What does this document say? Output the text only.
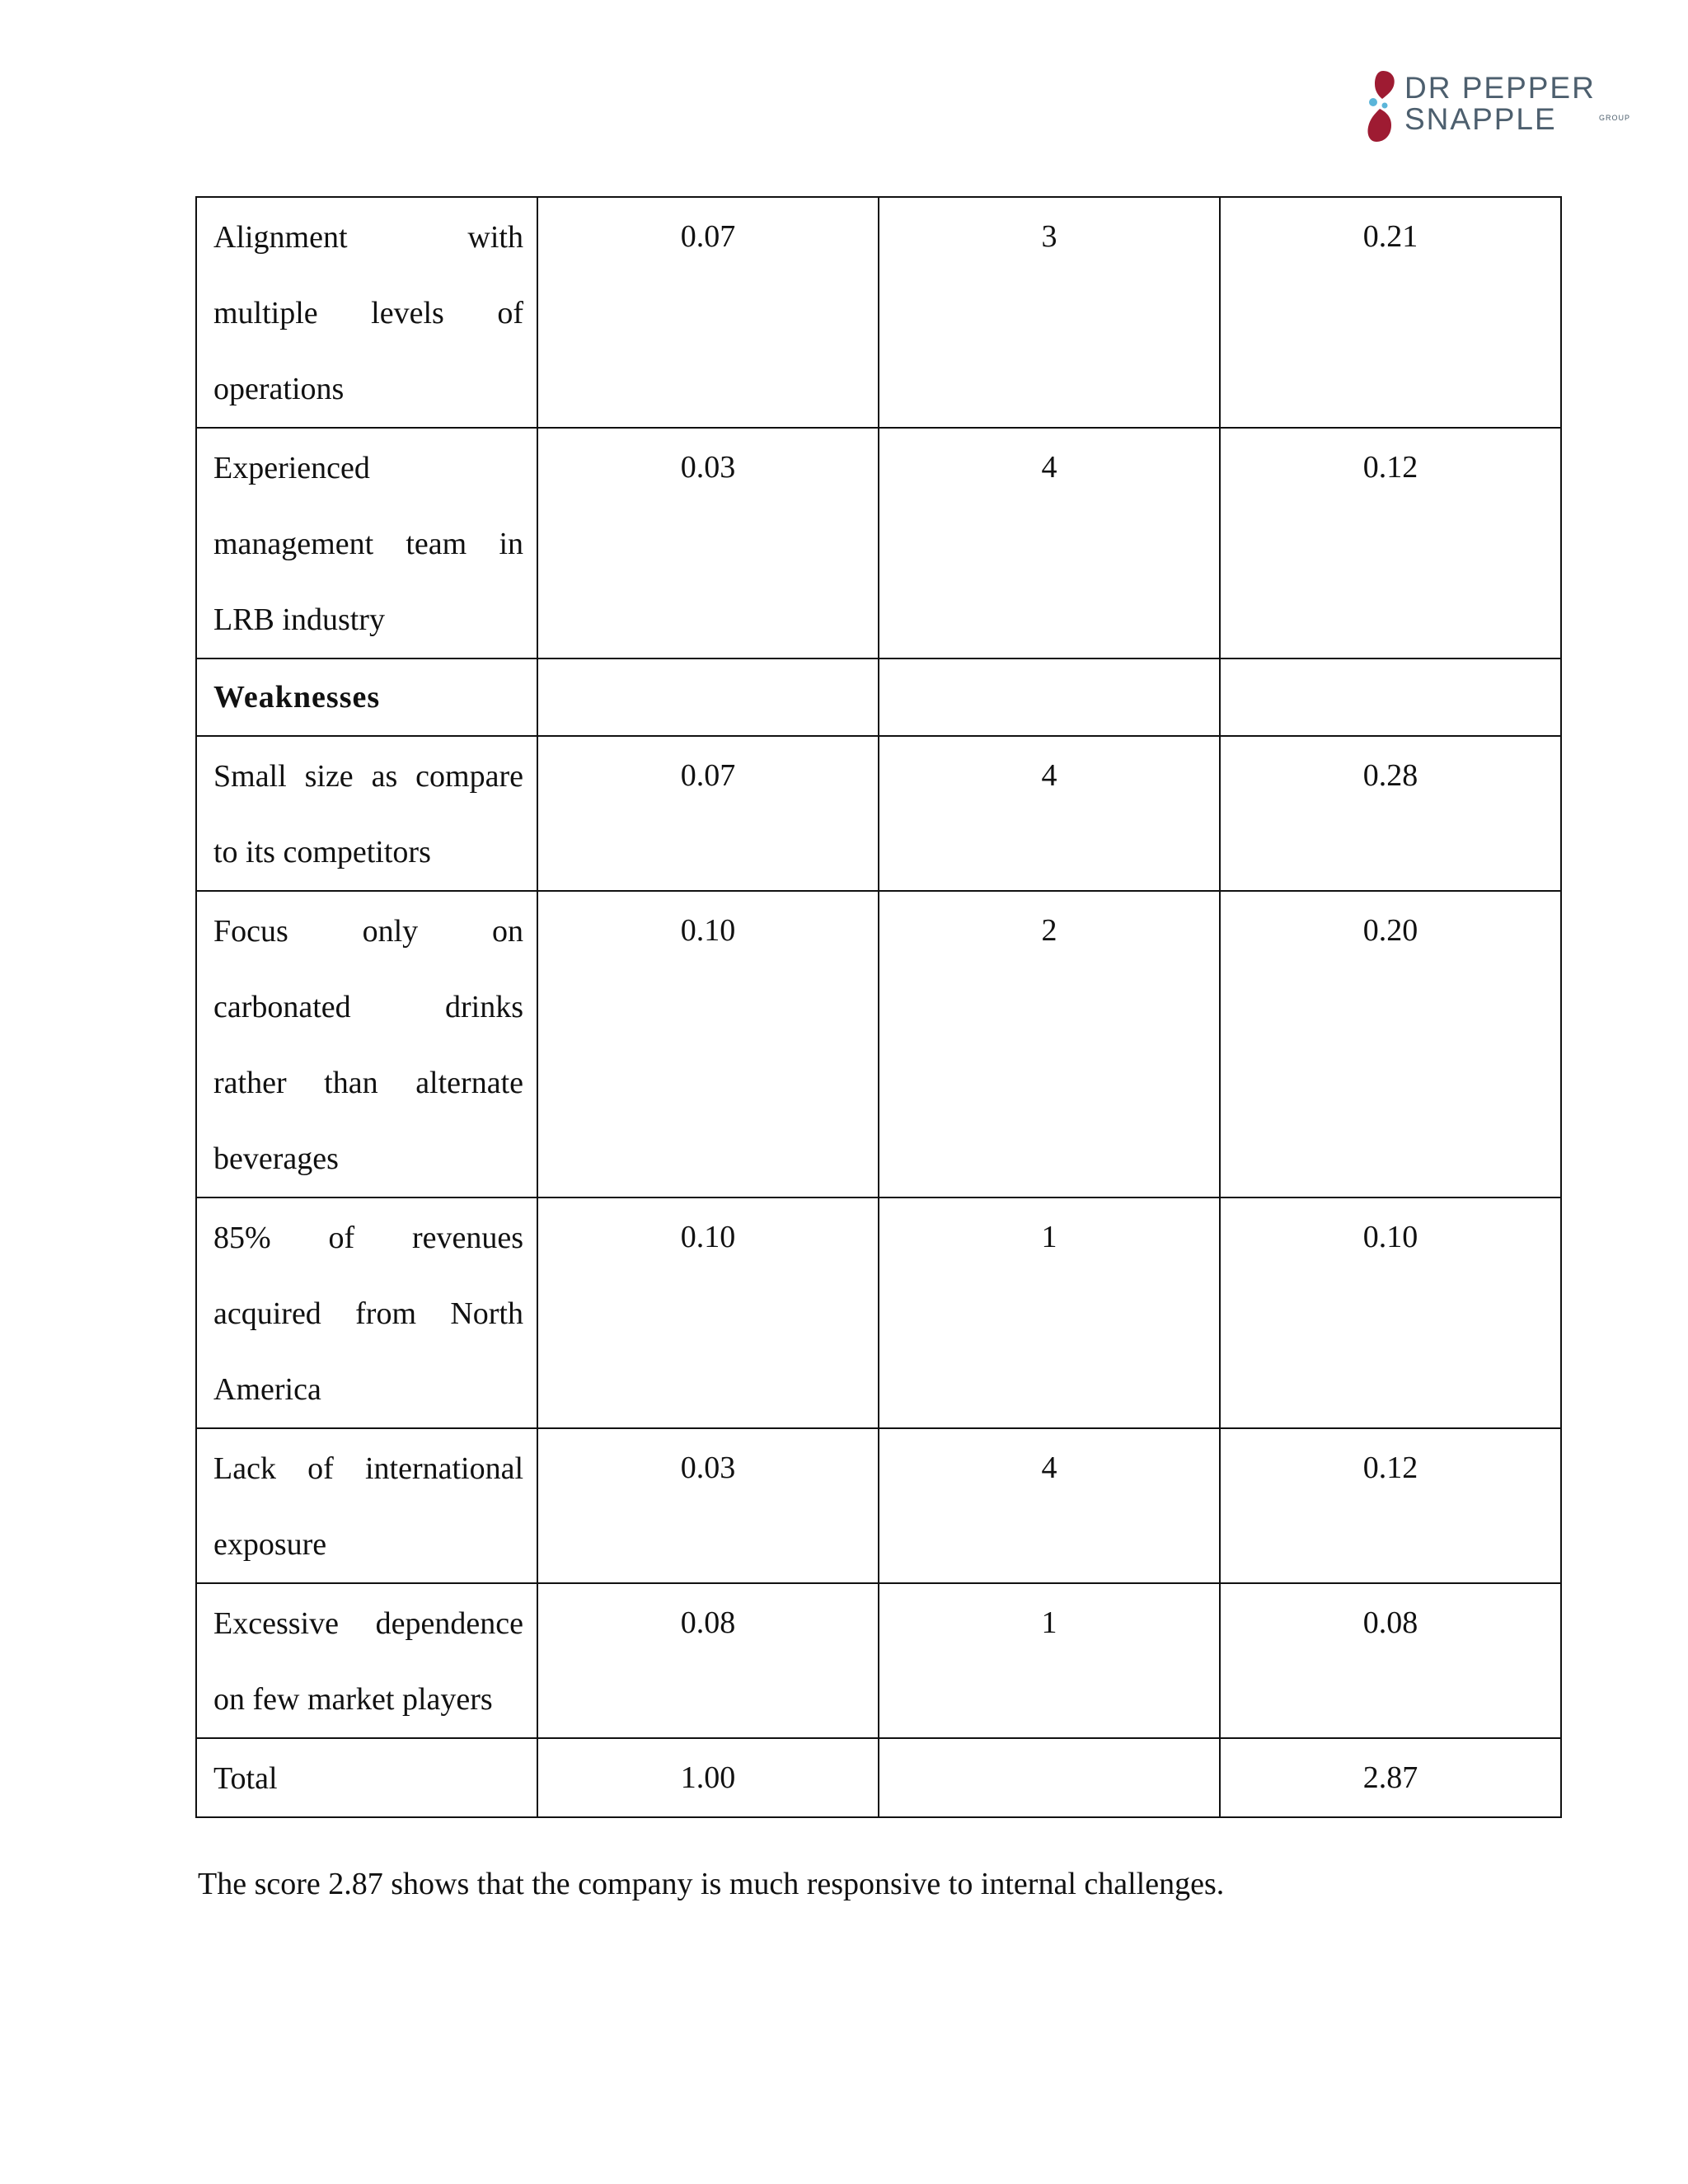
DR PEPPER
SNAPPLE	GROUP
Alignment with
multiple levels of
operations	0.07	3	0.21

Experienced
management team in
LRB industry	0.03	4	0.12
Weaknesses			

Small size as compare
to its competitors	0.07	4	0.28

Focus only on
carbonated drinks
rather than alternate
beverages	0.10	2	0.20

85% of revenues
acquired from North
America	0.10	1	0.10

Lack of international
exposure	0.03	4	0.12

Excessive dependence
on few market players	0.08	1	0.08
Total	1.00		2.87
The score 2.87 shows that the company is much responsive to internal challenges.
